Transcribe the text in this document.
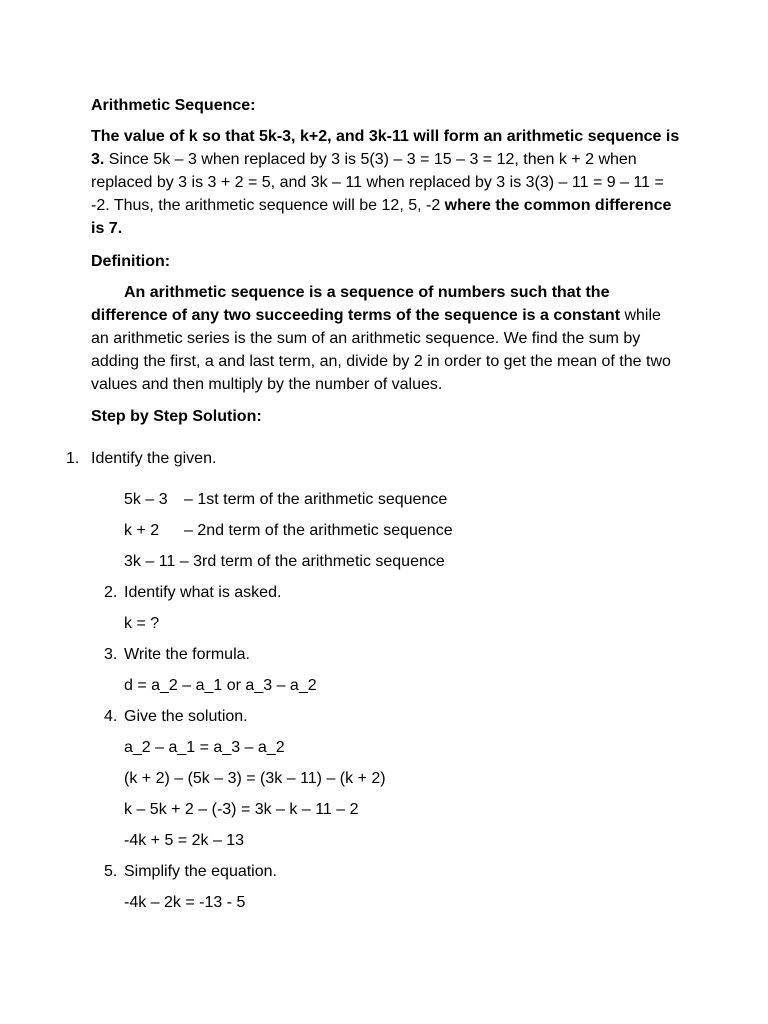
Arithmetic Sequence:

The value of k so that 5k-3, k+2, and 3k-11 will form an arithmetic sequence is 3. Since 5k – 3 when replaced by 3 is 5(3) – 3 = 15 – 3 = 12, then k + 2 when replaced by 3 is 3 + 2 = 5, and 3k – 11 when replaced by 3 is 3(3) – 11 = 9 – 11 = -2. Thus, the arithmetic sequence will be 12, 5, -2 where the common difference is 7.

Definition:

An arithmetic sequence is a sequence of numbers such that the difference of any two succeeding terms of the sequence is a constant while an arithmetic series is the sum of an arithmetic sequence. We find the sum by adding the first, a and last term, an, divide by 2 in order to get the mean of the two values and then multiply by the number of values.

Step by Step Solution:

1. Identify the given.

5k – 3 – 1st term of the arithmetic sequence

k + 2 – 2nd term of the arithmetic sequence

3k – 11 – 3rd term of the arithmetic sequence

2. Identify what is asked.

k = ?

3. Write the formula.

d = a_2 – a_1 or a_3 – a_2

4. Give the solution.

a_2 – a_1 = a_3 – a_2

(k + 2) – (5k – 3) = (3k – 11) – (k + 2)

k – 5k + 2 – (-3) = 3k – k – 11 – 2

-4k + 5 = 2k – 13

5. Simplify the equation.

-4k – 2k = -13 - 5
